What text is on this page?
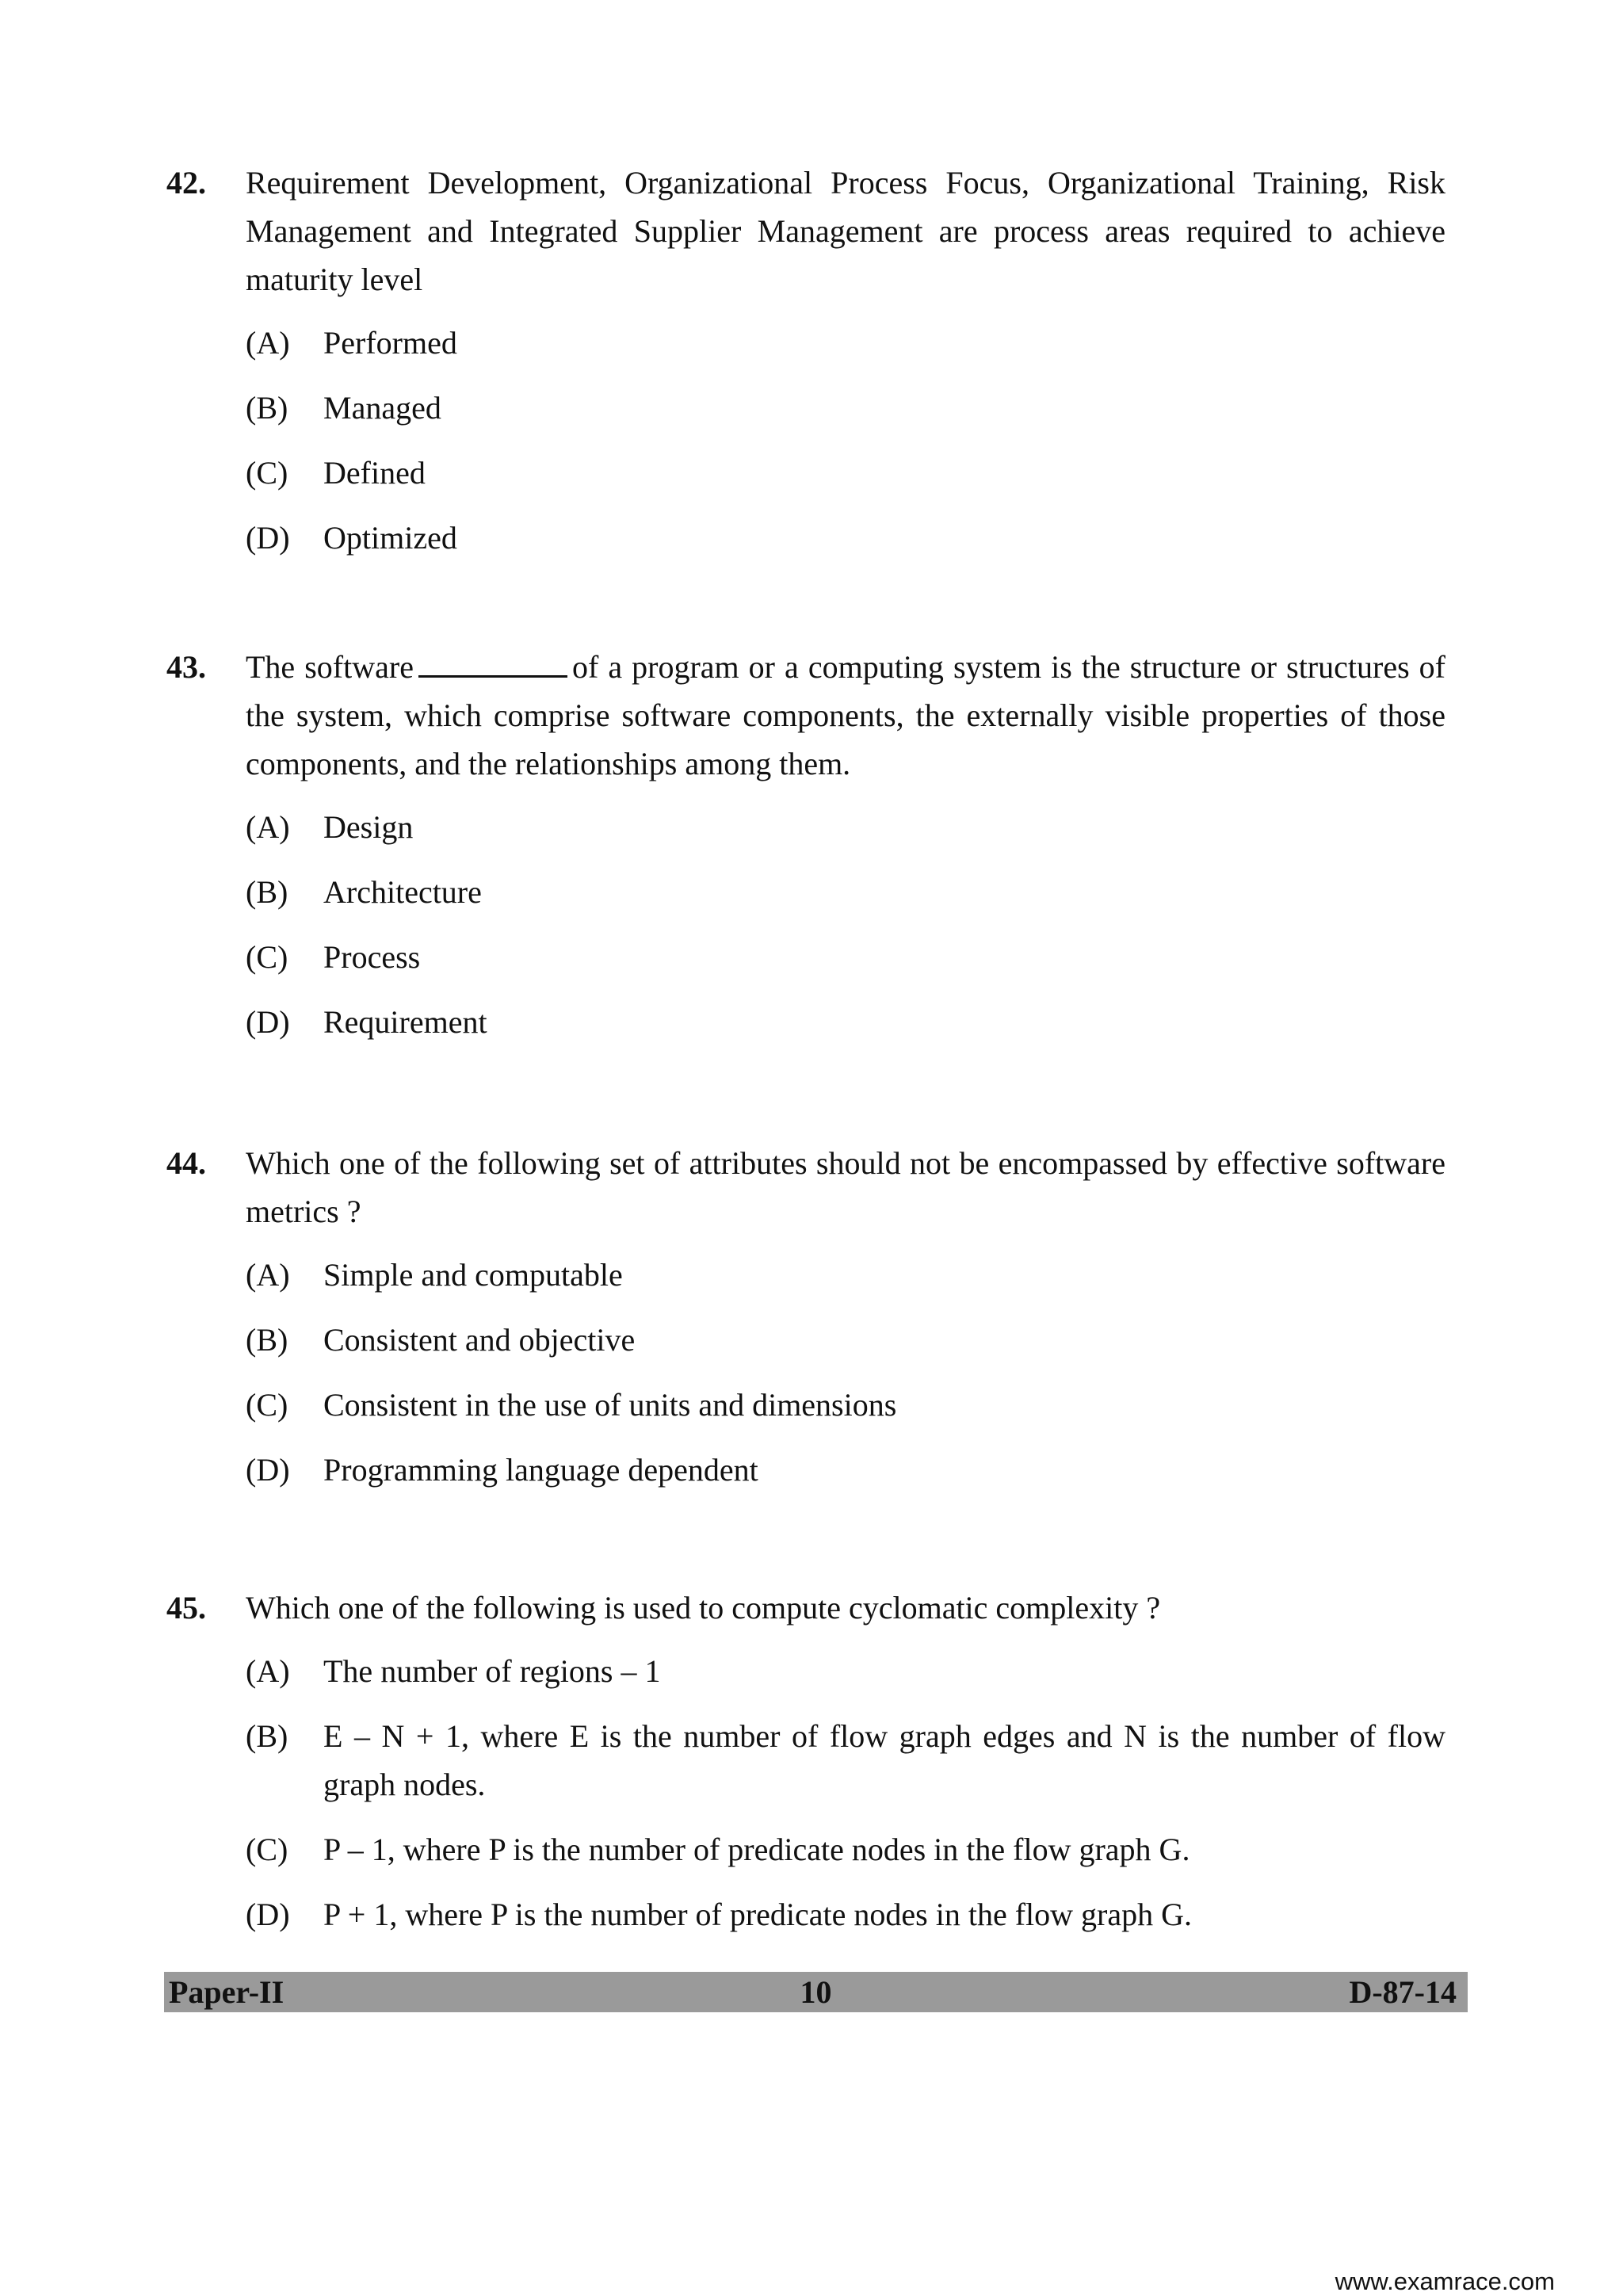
42. Requirement Development, Organizational Process Focus, Organizational Training, Risk Management and Integrated Supplier Management are process areas required to achieve maturity level
(A)	Performed
(B)	Managed
(C)	Defined
(D)	Optimized
43. The software	of a program or a computing system is the structure or structures of the system, which comprise software components, the externally visible properties of those components, and the relationships among them.
(A)	Design
(B)	Architecture
(C)	Process
(D)	Requirement
44. Which one of the following set of attributes should not be encompassed by effective software metrics ?
(A)	Simple and computable
(B)	Consistent and objective
(C)	Consistent in the use of units and dimensions
(D)	Programming language dependent
45. Which one of the following is used to compute cyclomatic complexity ?
(A)	The number of regions – 1
(B)	E – N + 1, where E is the number of flow graph edges and N is the number of flow graph nodes.
(C)	P – 1, where P is the number of predicate nodes in the flow graph G.
(D)	P + 1, where P is the number of predicate nodes in the flow graph G.
Paper-II	10	D-87-14
www.examrace.com
